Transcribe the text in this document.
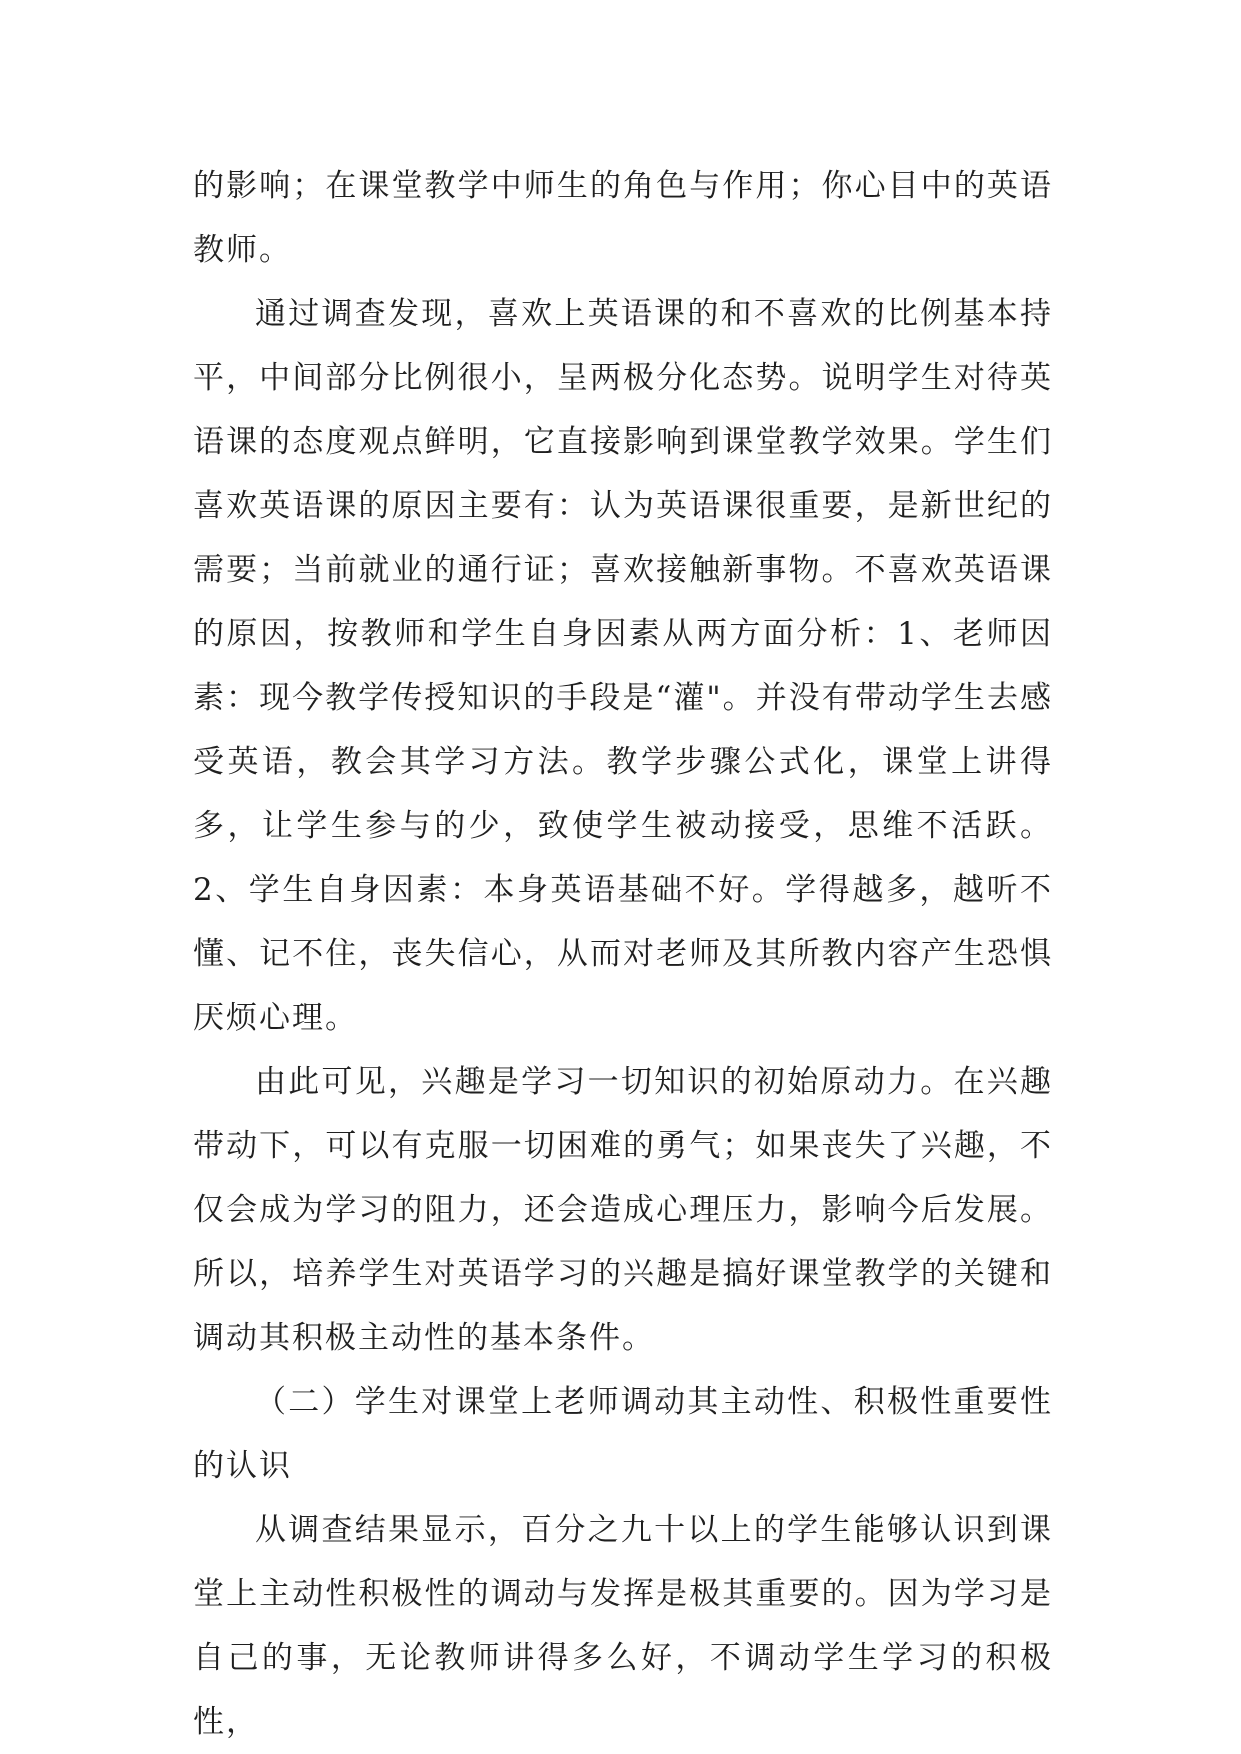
的影响；在课堂教学中师生的角色与作用；你心目中的英语教师。

通过调查发现，喜欢上英语课的和不喜欢的比例基本持平，中间部分比例很小，呈两极分化态势。说明学生对待英语课的态度观点鲜明，它直接影响到课堂教学效果。学生们喜欢英语课的原因主要有：认为英语课很重要，是新世纪的需要；当前就业的通行证；喜欢接触新事物。不喜欢英语课的原因，按教师和学生自身因素从两方面分析：1、老师因素：现今教学传授知识的手段是“灌"。并没有带动学生去感受英语，教会其学习方法。教学步骤公式化，课堂上讲得多，让学生参与的少，致使学生被动接受，思维不活跃。2、学生自身因素：本身英语基础不好。学得越多，越听不懂、记不住，丧失信心，从而对老师及其所教内容产生恐惧厌烦心理。

由此可见，兴趣是学习一切知识的初始原动力。在兴趣带动下，可以有克服一切困难的勇气；如果丧失了兴趣，不仅会成为学习的阻力，还会造成心理压力，影响今后发展。所以，培养学生对英语学习的兴趣是搞好课堂教学的关键和调动其积极主动性的基本条件。

（二）学生对课堂上老师调动其主动性、积极性重要性的认识

从调查结果显示，百分之九十以上的学生能够认识到课堂上主动性积极性的调动与发挥是极其重要的。因为学习是自己的事，无论教师讲得多么好，不调动学生学习的积极性，
